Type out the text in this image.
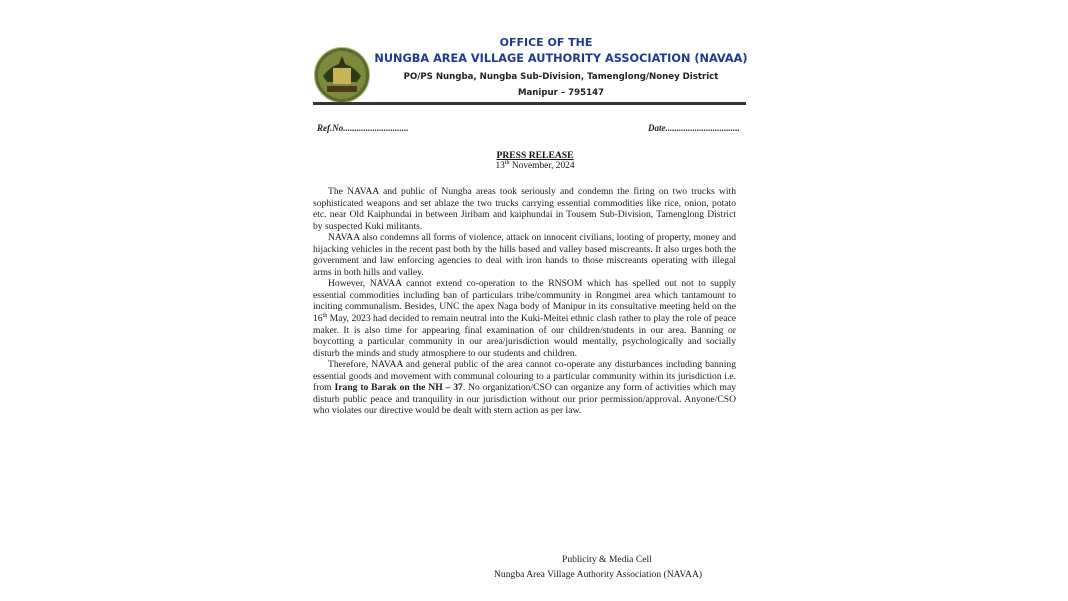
OFFICE OF THE
NUNGBA AREA VILLAGE AUTHORITY ASSOCIATION (NAVAA)
PO/PS Nungba, Nungba Sub-Division, Tamenglong/Noney District
Manipur – 795147
Ref.No.............................	Date.................................
PRESS RELEASE
13th November, 2024

The NAVAA and public of Nungba areas took seriously and condemn the firing on two trucks with sophisticated weapons and set ablaze the two trucks carrying essential commodities like rice, onion, potato etc. near Old Kaiphundai in between Jiribam and kaiphundai in Tousem Sub-Division, Tamenglong District by suspected Kuki militants.

NAVAA also condemns all forms of violence, attack on innocent civilians, looting of property, money and hijacking vehicles in the recent past both by the hills based and valley based miscreants. It also urges both the government and law enforcing agencies to deal with iron hands to those miscreants operating with illegal arms in both hills and valley.

However, NAVAA cannot extend co-operation to the RNSOM which has spelled out not to supply essential commodities including ban of particulars tribe/community in Rongmei area which tantamount to inciting communalism. Besides, UNC the apex Naga body of Manipur in its consultative meeting held on the 16th May, 2023 had decided to remain neutral into the Kuki-Meitei ethnic clash rather to play the role of peace maker. It is also time for appearing final examination of our children/students in our area. Banning or boycotting a particular community in our area/jurisdiction would mentally, psychologically and socially disturb the minds and study atmosphere to our students and children.

Therefore, NAVAA and general public of the area cannot co-operate any disturbances including banning essential goods and movement with communal colouring to a particular community within its jurisdiction i.e. from Irang to Barak on the NH – 37. No organization/CSO can organize any form of activities which may disturb public peace and tranquility in our jurisdiction without our prior permission/approval. Anyone/CSO who violates our directive would be dealt with stern action as per law.

Publicity & Media Cell
Nungba Area Village Authority Association (NAVAA)
